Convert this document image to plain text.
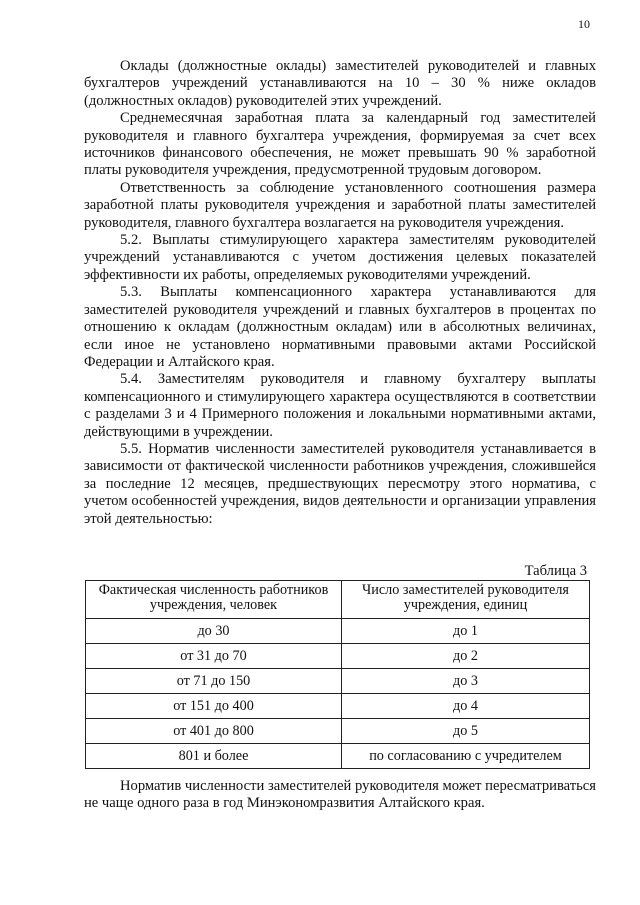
10

Оклады (должностные оклады) заместителей руководителей и главных бухгалтеров учреждений устанавливаются на 10 – 30 % ниже окладов (должностных окладов) руководителей этих учреждений.

Среднемесячная заработная плата за календарный год заместителей руководителя и главного бухгалтера учреждения, формируемая за счет всех источников финансового обеспечения, не может превышать 90 % заработной платы руководителя учреждения, предусмотренной трудовым договором.

Ответственность за соблюдение установленного соотношения размера заработной платы руководителя учреждения и заработной платы заместителей руководителя, главного бухгалтера возлагается на руководителя учреждения.

5.2. Выплаты стимулирующего характера заместителям руководителей учреждений устанавливаются с учетом достижения целевых показателей эффективности их работы, определяемых руководителями учреждений.

5.3. Выплаты компенсационного характера устанавливаются для заместителей руководителя учреждений и главных бухгалтеров в процентах по отношению к окладам (должностным окладам) или в абсолютных величинах, если иное не установлено нормативными правовыми актами Российской Федерации и Алтайского края.

5.4. Заместителям руководителя и главному бухгалтеру выплаты компенсационного и стимулирующего характера осуществляются в соответствии с разделами 3 и 4 Примерного положения и локальными нормативными актами, действующими в учреждении.

5.5. Норматив численности заместителей руководителя устанавливается в зависимости от фактической численности работников учреждения, сложившейся за последние 12 месяцев, предшествующих пересмотру этого норматива, с учетом особенностей учреждения, видов деятельности и организации управления этой деятельностью:

Таблица 3
Фактическая численность работников учреждения, человек	Число заместителей руководителя учреждения, единиц
до 30	до 1
от 31 до 70	до 2
от 71 до 150	до 3
от 151 до 400	до 4
от 401 до 800	до 5
801 и более	по согласованию с учредителем

Норматив численности заместителей руководителя может пересматриваться не чаще одного раза в год Минэкономразвития Алтайского края.
